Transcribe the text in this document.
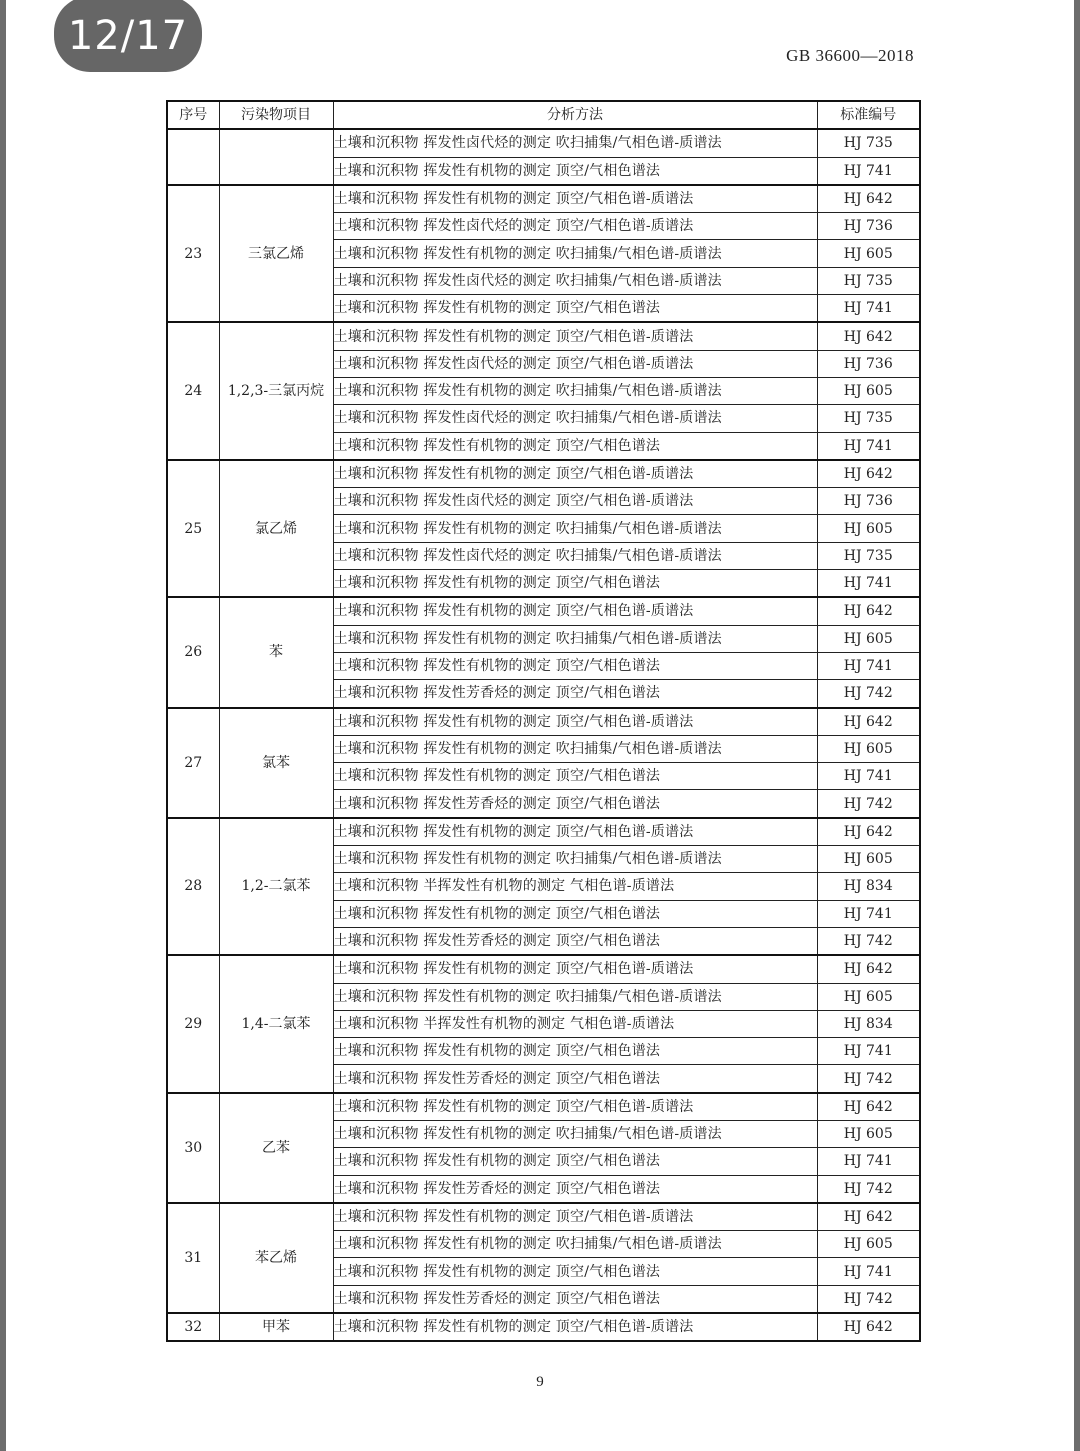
12/17	GB 36600—2018
序号	污染物项目	分析方法	标准编号
		土壤和沉积物 挥发性卤代烃的测定 吹扫捕集/气相色谱-质谱法	HJ 735
		土壤和沉积物 挥发性有机物的测定 顶空/气相色谱法	HJ 741
23	三氯乙烯	土壤和沉积物 挥发性有机物的测定 顶空/气相色谱-质谱法	HJ 642
		土壤和沉积物 挥发性卤代烃的测定 顶空/气相色谱-质谱法	HJ 736
		土壤和沉积物 挥发性有机物的测定 吹扫捕集/气相色谱-质谱法	HJ 605
		土壤和沉积物 挥发性卤代烃的测定 吹扫捕集/气相色谱-质谱法	HJ 735
		土壤和沉积物 挥发性有机物的测定 顶空/气相色谱法	HJ 741
24	1,2,3-三氯丙烷	土壤和沉积物 挥发性有机物的测定 顶空/气相色谱-质谱法	HJ 642
		土壤和沉积物 挥发性卤代烃的测定 顶空/气相色谱-质谱法	HJ 736
		土壤和沉积物 挥发性有机物的测定 吹扫捕集/气相色谱-质谱法	HJ 605
		土壤和沉积物 挥发性卤代烃的测定 吹扫捕集/气相色谱-质谱法	HJ 735
		土壤和沉积物 挥发性有机物的测定 顶空/气相色谱法	HJ 741
25	氯乙烯	土壤和沉积物 挥发性有机物的测定 顶空/气相色谱-质谱法	HJ 642
		土壤和沉积物 挥发性卤代烃的测定 顶空/气相色谱-质谱法	HJ 736
		土壤和沉积物 挥发性有机物的测定 吹扫捕集/气相色谱-质谱法	HJ 605
		土壤和沉积物 挥发性卤代烃的测定 吹扫捕集/气相色谱-质谱法	HJ 735
		土壤和沉积物 挥发性有机物的测定 顶空/气相色谱法	HJ 741
26	苯	土壤和沉积物 挥发性有机物的测定 顶空/气相色谱-质谱法	HJ 642
		土壤和沉积物 挥发性有机物的测定 吹扫捕集/气相色谱-质谱法	HJ 605
		土壤和沉积物 挥发性有机物的测定 顶空/气相色谱法	HJ 741
		土壤和沉积物 挥发性芳香烃的测定 顶空/气相色谱法	HJ 742
27	氯苯	土壤和沉积物 挥发性有机物的测定 顶空/气相色谱-质谱法	HJ 642
		土壤和沉积物 挥发性有机物的测定 吹扫捕集/气相色谱-质谱法	HJ 605
		土壤和沉积物 挥发性有机物的测定 顶空/气相色谱法	HJ 741
		土壤和沉积物 挥发性芳香烃的测定 顶空/气相色谱法	HJ 742
28	1,2-二氯苯	土壤和沉积物 挥发性有机物的测定 顶空/气相色谱-质谱法	HJ 642
		土壤和沉积物 挥发性有机物的测定 吹扫捕集/气相色谱-质谱法	HJ 605
		土壤和沉积物 半挥发性有机物的测定 气相色谱-质谱法	HJ 834
		土壤和沉积物 挥发性有机物的测定 顶空/气相色谱法	HJ 741
		土壤和沉积物 挥发性芳香烃的测定 顶空/气相色谱法	HJ 742
29	1,4-二氯苯	土壤和沉积物 挥发性有机物的测定 顶空/气相色谱-质谱法	HJ 642
		土壤和沉积物 挥发性有机物的测定 吹扫捕集/气相色谱-质谱法	HJ 605
		土壤和沉积物 半挥发性有机物的测定 气相色谱-质谱法	HJ 834
		土壤和沉积物 挥发性有机物的测定 顶空/气相色谱法	HJ 741
		土壤和沉积物 挥发性芳香烃的测定 顶空/气相色谱法	HJ 742
30	乙苯	土壤和沉积物 挥发性有机物的测定 顶空/气相色谱-质谱法	HJ 642
		土壤和沉积物 挥发性有机物的测定 吹扫捕集/气相色谱-质谱法	HJ 605
		土壤和沉积物 挥发性有机物的测定 顶空/气相色谱法	HJ 741
		土壤和沉积物 挥发性芳香烃的测定 顶空/气相色谱法	HJ 742
31	苯乙烯	土壤和沉积物 挥发性有机物的测定 顶空/气相色谱-质谱法	HJ 642
		土壤和沉积物 挥发性有机物的测定 吹扫捕集/气相色谱-质谱法	HJ 605
		土壤和沉积物 挥发性有机物的测定 顶空/气相色谱法	HJ 741
		土壤和沉积物 挥发性芳香烃的测定 顶空/气相色谱法	HJ 742
32	甲苯	土壤和沉积物 挥发性有机物的测定 顶空/气相色谱-质谱法	HJ 642
9
